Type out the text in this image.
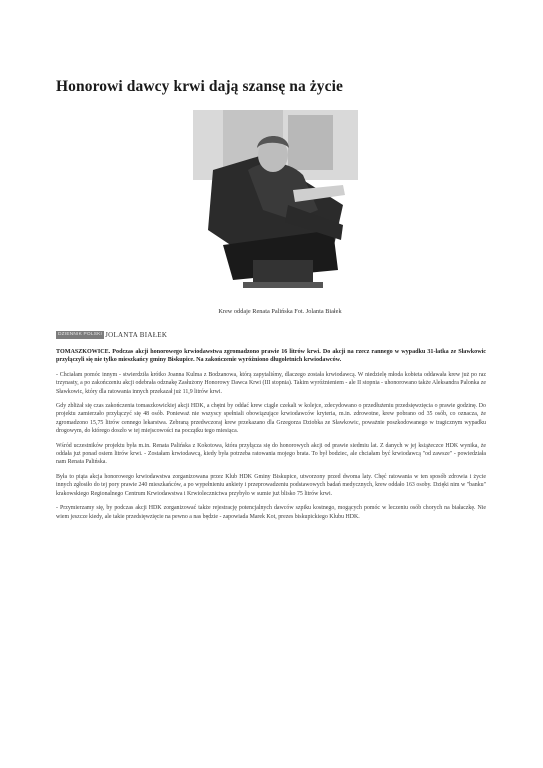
Honorowi dawcy krwi dają szansę na życie
Krew oddaje Renata Palińska Fot. Jolanta Białek
DZIENNIK POLSKI JOLANTA BIAŁEK

TOMASZKOWICE. Podczas akcji honorowego krwiodawstwa zgromadzono prawie 16 litrów krwi. Do akcji na rzecz rannego w wypadku 31-latka ze Sławkowic przyłączyli się nie tylko mieszkańcy gminy Biskupice. Na zakończenie wyróżniono długoletnich krwiodawców.

- Chciałam pomóc innym - stwierdziła krótko Joanna Kulma z Bodzanowa, którą zapytaliśmy, dlaczego została krwiodawcą. W niedzielę młoda kobieta oddawała krew już po raz trzynasty, a po zakończeniu akcji odebrała odznakę Zasłużony Honorowy Dawca Krwi (III stopnia). Takim wyróżnieniem - ale II stopnia - uhonorowano także Aleksandra Palonka ze Sławkowic, który dla ratowania innych przekazał już 11,9 litrów krwi.

Gdy zbliżał się czas zakończenia tomaszkowickiej akcji HDK, a chętni by oddać krew ciągle czekali w kolejce, zdecydowano o przedłużeniu przedsięwzięcia o prawie godzinę. Do projektu zamierzało przyłączyć się 48 osób. Ponieważ nie wszyscy spełniali obowiązujące krwiodawców kryteria, m.in. zdrowotne, krew pobrano od 35 osób, co oznacza, że zgromadzono 15,75 litrów cennego lekarstwa. Zebraną przedwczoraj krew przekazano dla Grzegorza Dziobka ze Sławkowic, poważnie poszkodowanego w tragicznym wypadku drogowym, do którego doszło w tej miejscowości na początku tego miesiąca.

Wśród uczestników projektu była m.in. Renata Palińska z Kokotowa, która przyłącza się do honorowych akcji od prawie siedmiu lat. Z danych w jej książeczce HDK wynika, że oddała już ponad osiem litrów krwi. - Zostałam krwiodawcą, kiedy była potrzeba ratowania mojego brata. To był bodziec, ale chciałam być krwiodawcą "od zawsze" - powiedziała nam Renata Palińska.

Była to piąta akcja honorowego krwiodawstwa zorganizowana przez Klub HDK Gminy Biskupice, utworzony przed dwoma laty. Chęć ratowania w ten sposób zdrowia i życie innych zgłosiło do tej pory prawie 240 mieszkańców, a po wypełnieniu ankiety i przeprowadzeniu podstawowych badań medycznych, krew oddało 163 osoby. Dzięki nim w "banku" krakowskiego Regionalnego Centrum Krwiodawstwa i Krwiolecznictwa przybyło w sumie już blisko 75 litrów krwi.

- Przymierzamy się, by podczas akcji HDK zorganizować także rejestrację potencjalnych dawców szpiku kostnego, mogących pomóc w leczeniu osób chorych na białaczkę. Nie wiem jeszcze kiedy, ale takie przedsięwzięcie na pewno a nas będzie - zapowiada Marek Kot, prezes biskupickiego Klubu HDK.
